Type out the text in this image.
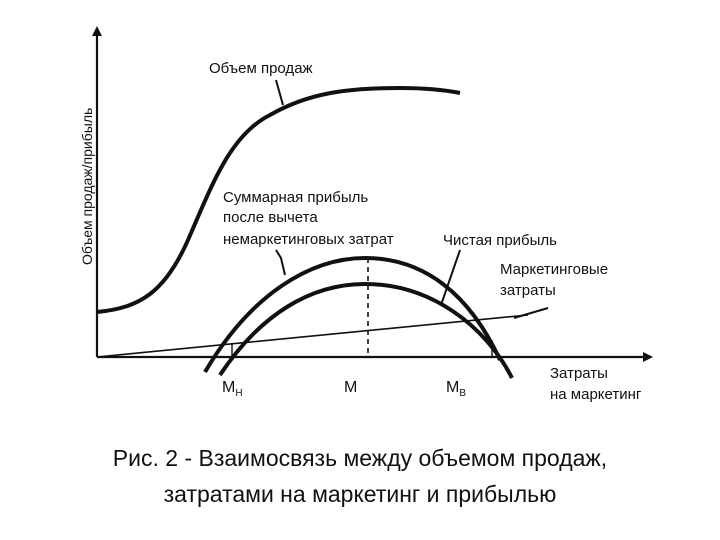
Объем продаж/прибыль
Объем продаж
Суммарная прибыль
после вычета
немаркетинговых затрат	Чистая прибыль
Маркетинговые
затраты
Затраты
на маркетинг
$M_Н$	M	$M_В$
Рис. 2 - Взаимосвязь между объемом продаж,
затратами на маркетинг и прибылью
